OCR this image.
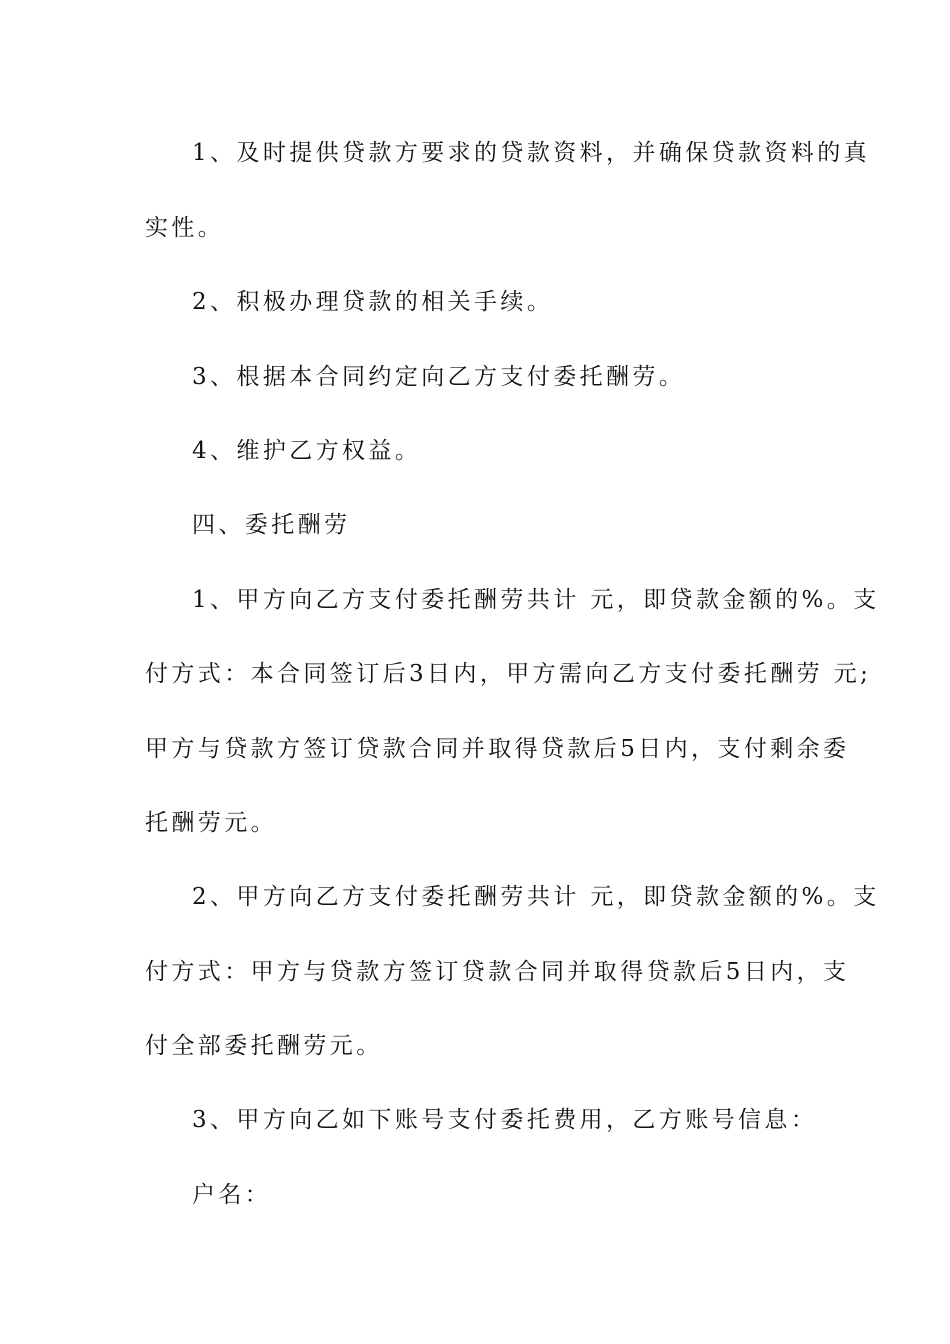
1、及时提供贷款方要求的贷款资料，并确保贷款资料的真
实性。
2、积极办理贷款的相关手续。
3、根据本合同约定向乙方支付委托酬劳。
4、维护乙方权益。
四、委托酬劳
1、甲方向乙方支付委托酬劳共计 元，即贷款金额的%。支
付方式：本合同签订后3日内，甲方需向乙方支付委托酬劳 元;
甲方与贷款方签订贷款合同并取得贷款后5日内，支付剩余委
托酬劳元。
2、甲方向乙方支付委托酬劳共计 元，即贷款金额的%。支
付方式：甲方与贷款方签订贷款合同并取得贷款后5日内，支
付全部委托酬劳元。
3、甲方向乙如下账号支付委托费用，乙方账号信息：
户名：
